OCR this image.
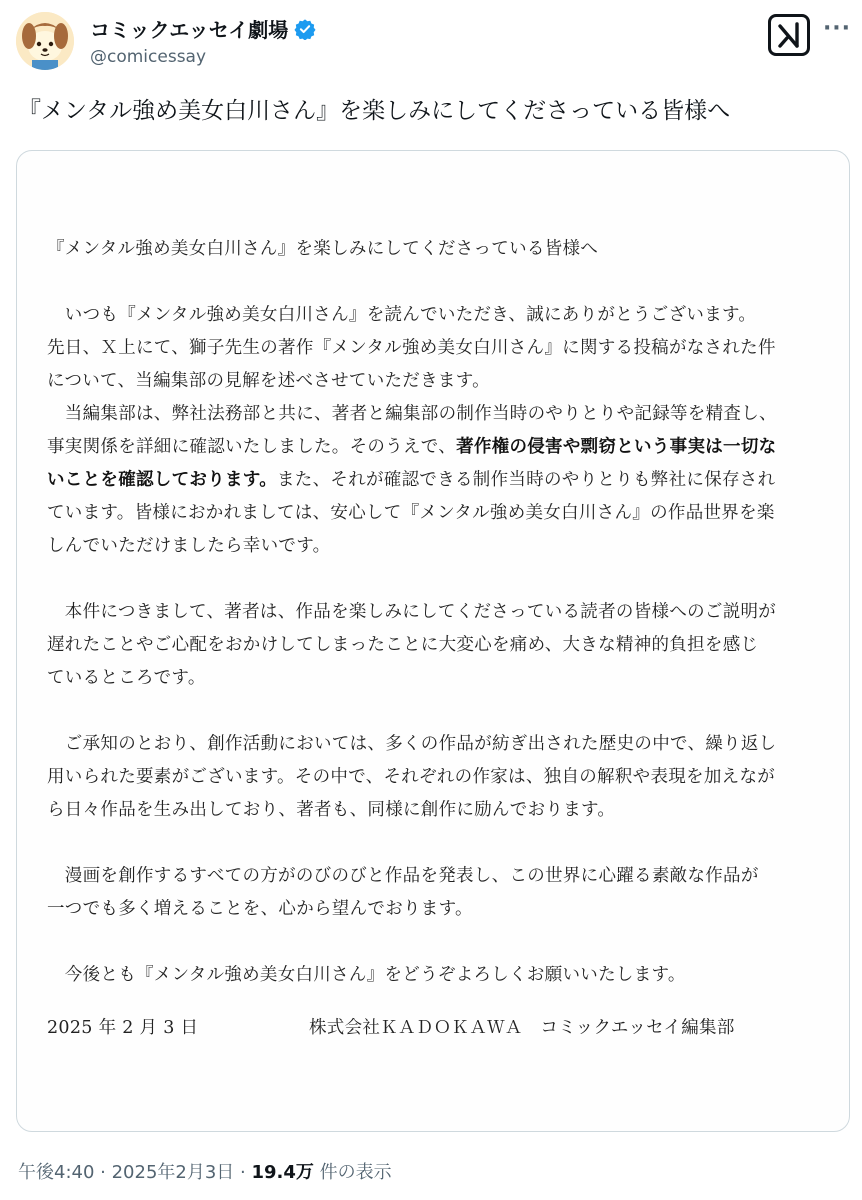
コミックエッセイ劇場
@comicessay
···
『メンタル強め美女白川さん』を楽しみにしてくださっている皆様へ

『メンタル強め美女白川さん』を楽しみにしてくださっている皆様へ

　いつも『メンタル強め美女白川さん』を読んでいただき、誠にありがとうございます。

先日、Ｘ上にて、獅子先生の著作『メンタル強め美女白川さん』に関する投稿がなされた件

について、当編集部の見解を述べさせていただきます。

　当編集部は、弊社法務部と共に、著者と編集部の制作当時のやりとりや記録等を精査し、

事実関係を詳細に確認いたしました。そのうえで、著作権の侵害や剽窃という事実は一切な

いことを確認しております。また、それが確認できる制作当時のやりとりも弊社に保存され

ています。皆様におかれましては、安心して『メンタル強め美女白川さん』の作品世界を楽

しんでいただけましたら幸いです。

　本件につきまして、著者は、作品を楽しみにしてくださっている読者の皆様へのご説明が

遅れたことやご心配をおかけしてしまったことに大変心を痛め、大きな精神的負担を感じ

ているところです。

　ご承知のとおり、創作活動においては、多くの作品が紡ぎ出された歴史の中で、繰り返し

用いられた要素がございます。その中で、それぞれの作家は、独自の解釈や表現を加えなが

ら日々作品を生み出しており、著者も、同様に創作に励んでおります。

　漫画を創作するすべての方がのびのびと作品を発表し、この世界に心躍る素敵な作品が

一つでも多く増えることを、心から望んでおります。

　今後とも『メンタル強め美女白川さん』をどうぞよろしくお願いいたします。

2025 年 2 月 3 日	株式会社ＫＡＤＯＫＡＷＡ　コミックエッセイ編集部
午後4:40 · 2025年2月3日 · 19.4万 件の表示
